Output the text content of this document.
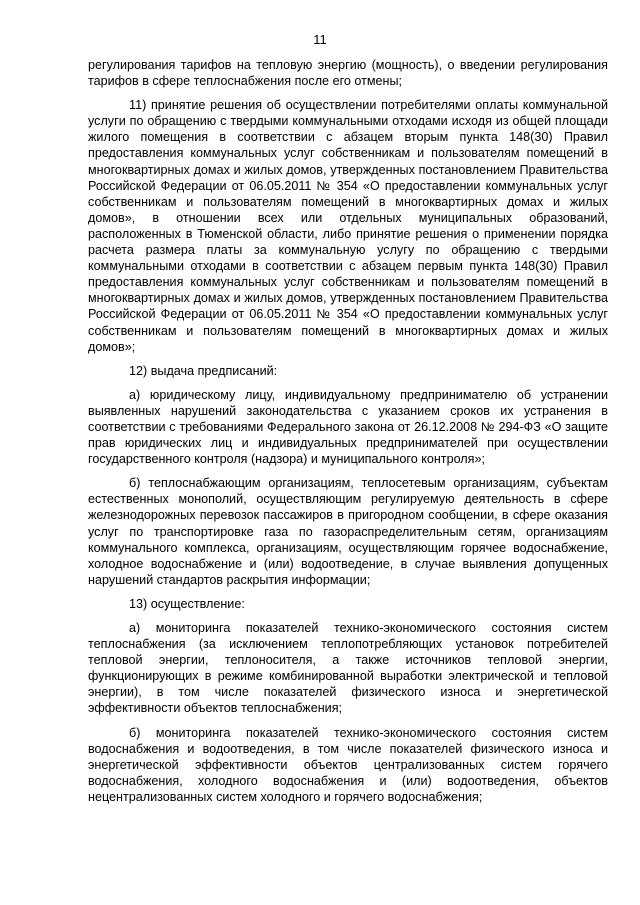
11

регулирования тарифов на тепловую энергию (мощность), о введении регулирования тарифов в сфере теплоснабжения после его отмены;

11) принятие решения об осуществлении потребителями оплаты коммунальной услуги по обращению с твердыми коммунальными отходами исходя из общей площади жилого помещения в соответствии с абзацем вторым пункта 148(30) Правил предоставления коммунальных услуг собственникам и пользователям помещений в многоквартирных домах и жилых домов, утвержденных постановлением Правительства Российской Федерации от 06.05.2011 № 354 «О предоставлении коммунальных услуг собственникам и пользователям помещений в многоквартирных домах и жилых домов», в отношении всех или отдельных муниципальных образований, расположенных в Тюменской области, либо принятие решения о применении порядка расчета размера платы за коммунальную услугу по обращению с твердыми коммунальными отходами в соответствии с абзацем первым пункта 148(30) Правил предоставления коммунальных услуг собственникам и пользователям помещений в многоквартирных домах и жилых домов, утвержденных постановлением Правительства Российской Федерации от 06.05.2011 № 354 «О предоставлении коммунальных услуг собственникам и пользователям помещений в многоквартирных домах и жилых домов»;

12) выдача предписаний:

а) юридическому лицу, индивидуальному предпринимателю об устранении выявленных нарушений законодательства с указанием сроков их устранения в соответствии с требованиями Федерального закона от 26.12.2008 № 294-ФЗ «О защите прав юридических лиц и индивидуальных предпринимателей при осуществлении государственного контроля (надзора) и муниципального контроля»;

б) теплоснабжающим организациям, теплосетевым организациям, субъектам естественных монополий, осуществляющим регулируемую деятельность в сфере железнодорожных перевозок пассажиров в пригородном сообщении, в сфере оказания услуг по транспортировке газа по газораспределительным сетям, организациям коммунального комплекса, организациям, осуществляющим горячее водоснабжение, холодное водоснабжение и (или) водоотведение, в случае выявления допущенных нарушений стандартов раскрытия информации;

13) осуществление:

а) мониторинга показателей технико-экономического состояния систем теплоснабжения (за исключением теплопотребляющих установок потребителей тепловой энергии, теплоносителя, а также источников тепловой энергии, функционирующих в режиме комбинированной выработки электрической и тепловой энергии), в том числе показателей физического износа и энергетической эффективности объектов теплоснабжения;

б) мониторинга показателей технико-экономического состояния систем водоснабжения и водоотведения, в том числе показателей физического износа и энергетической эффективности объектов централизованных систем горячего водоснабжения, холодного водоснабжения и (или) водоотведения, объектов нецентрализованных систем холодного и горячего водоснабжения;
